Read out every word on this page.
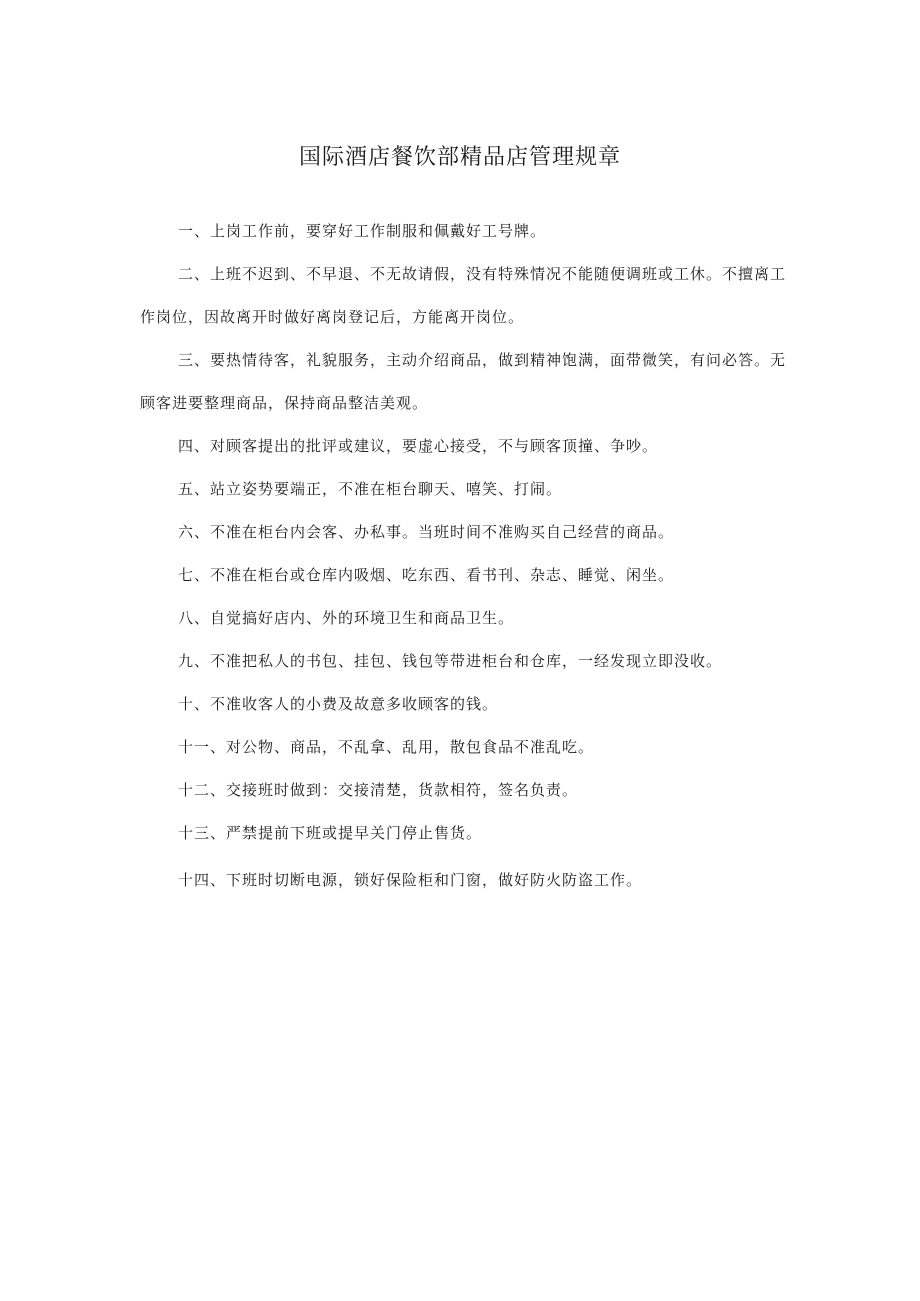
国际酒店餐饮部精品店管理规章
一、上岗工作前，要穿好工作制服和佩戴好工号牌。
二、上班不迟到、不早退、不无故请假，没有特殊情况不能随便调班或工休。不擅离工作岗位，因故离开时做好离岗登记后，方能离开岗位。
三、要热情待客，礼貌服务，主动介绍商品，做到精神饱满，面带微笑，有问必答。无顾客进要整理商品，保持商品整洁美观。
四、对顾客提出的批评或建议，要虚心接受，不与顾客顶撞、争吵。
五、站立姿势要端正，不准在柜台聊天、嘻笑、打闹。
六、不准在柜台内会客、办私事。当班时间不准购买自己经营的商品。
七、不准在柜台或仓库内吸烟、吃东西、看书刊、杂志、睡觉、闲坐。
八、自觉搞好店内、外的环境卫生和商品卫生。
九、不准把私人的书包、挂包、钱包等带进柜台和仓库，一经发现立即没收。
十、不准收客人的小费及故意多收顾客的钱。
十一、对公物、商品，不乱拿、乱用，散包食品不准乱吃。
十二、交接班时做到：交接清楚，货款相符，签名负责。
十三、严禁提前下班或提早关门停止售货。
十四、下班时切断电源，锁好保险柜和门窗，做好防火防盗工作。
